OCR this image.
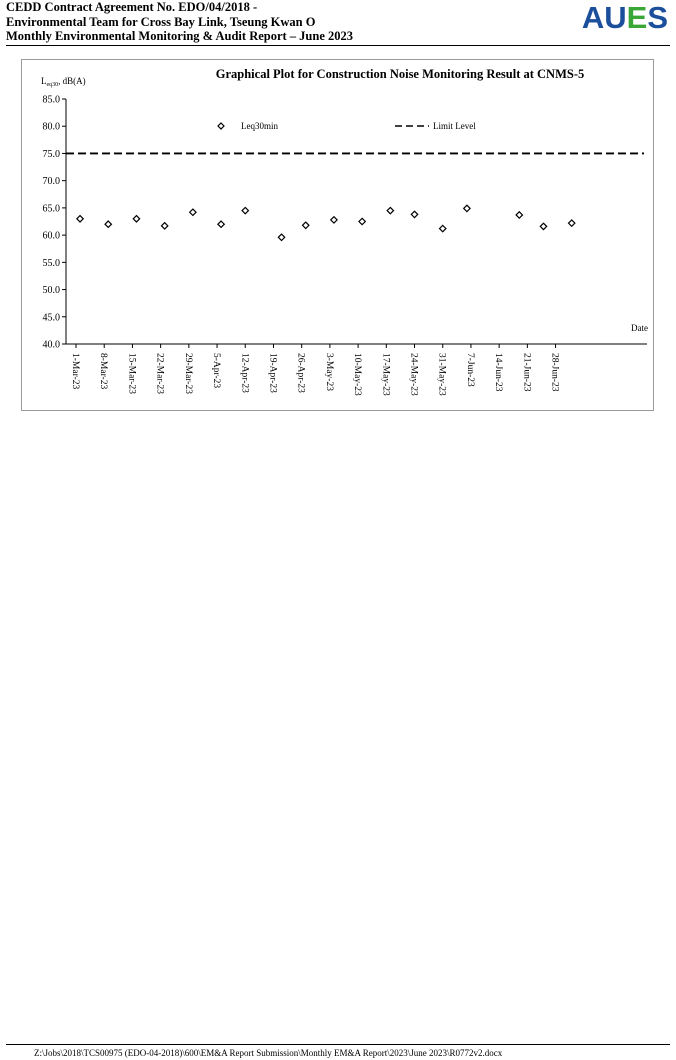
CEDD Contract Agreement No. EDO/04/2018 -
Environmental Team for Cross Bay Link, Tseung Kwan O
Monthly Environmental Monitoring & Audit Report – June 2023
AUES
Graphical Plot for Construction Noise Monitoring Result at CNMS-5
$L_{eq30}$, dB(A)
Date
40.0
45.0
50.0
55.0
60.0
65.0
70.0
75.0
80.0
85.0
1-Mar-23 8-Mar-23 15-Mar-23 22-Mar-23 29-Mar-23 5-Apr-23 12-Apr-23 19-Apr-23 26-Apr-23 3-May-23 10-May-23 17-May-23 24-May-23 31-May-23 7-Jun-23 14-Jun-23 21-Jun-23 28-Jun-23
Leq30min	Limit Level
Z:\Jobs\2018\TCS00975 (EDO-04-2018)\600\EM&A Report Submission\Monthly EM&A Report\2023\June 2023\R0772v2.docx
